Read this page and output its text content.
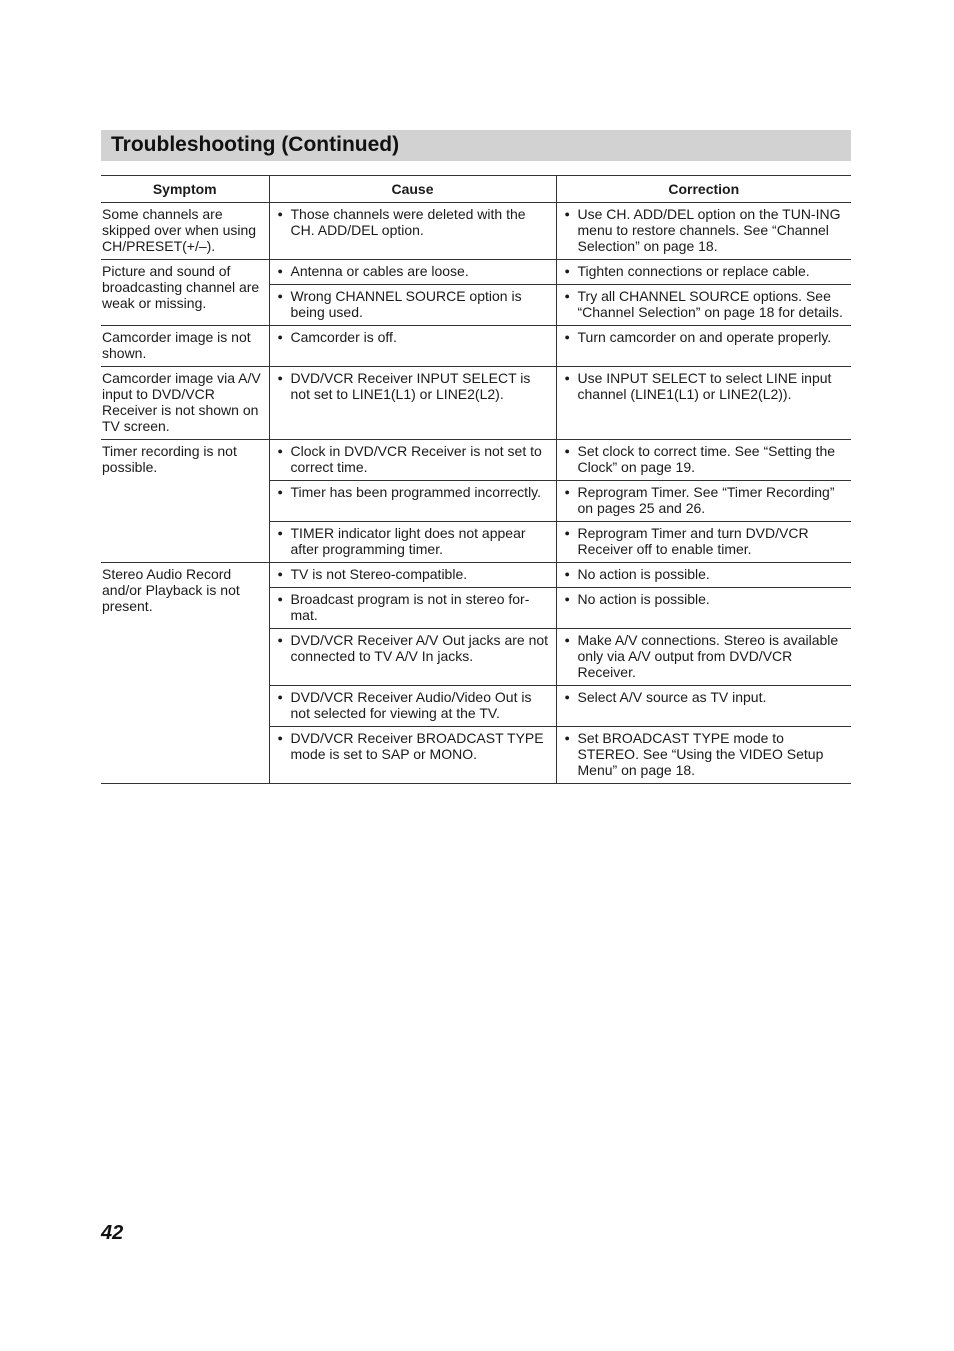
Troubleshooting (Continued)
Symptom	Cause	Correction
Some channels are skipped over when using CH/PRESET(+/–).	● Those channels were deleted with the CH. ADD/DEL option.	● Use CH. ADD/DEL option on the TUN-ING menu to restore channels. See “Channel Selection” on page 18.

Picture and sound of broadcasting channel are weak or missing.	● Antenna or cables are loose.	● Tighten connections or replace cable.

	● Wrong CHANNEL SOURCE option is being used.	● Try all CHANNEL SOURCE options. See “Channel Selection” on page 18 for details.

Camcorder image is not shown.	● Camcorder is off.	● Turn camcorder on and operate properly.

Camcorder image via A/V input to DVD/VCR Receiver is not shown on TV screen.	● DVD/VCR Receiver INPUT SELECT is not set to LINE1(L1) or LINE2(L2).	● Use INPUT SELECT to select LINE input channel (LINE1(L1) or LINE2(L2)).

Timer recording is not possible.	● Clock in DVD/VCR Receiver is not set to correct time.	● Set clock to correct time. See “Setting the Clock” on page 19.

	● Timer has been programmed incorrectly.	● Reprogram Timer. See “Timer Recording” on pages 25 and 26.

	● TIMER indicator light does not appear after programming timer.	● Reprogram Timer and turn DVD/VCR Receiver off to enable timer.

Stereo Audio Record and/or Playback is not present.	● TV is not Stereo-compatible.	● No action is possible.

	● Broadcast program is not in stereo for-mat.	● No action is possible.

	● DVD/VCR Receiver A/V Out jacks are not connected to TV A/V In jacks.	● Make A/V connections. Stereo is available only via A/V output from DVD/VCR Receiver.

	● DVD/VCR Receiver Audio/Video Out is not selected for viewing at the TV.	● Select A/V source as TV input.

	● DVD/VCR Receiver BROADCAST TYPE mode is set to SAP or MONO.	● Set BROADCAST TYPE mode to STEREO. See “Using the VIDEO Setup Menu” on page 18.
42
